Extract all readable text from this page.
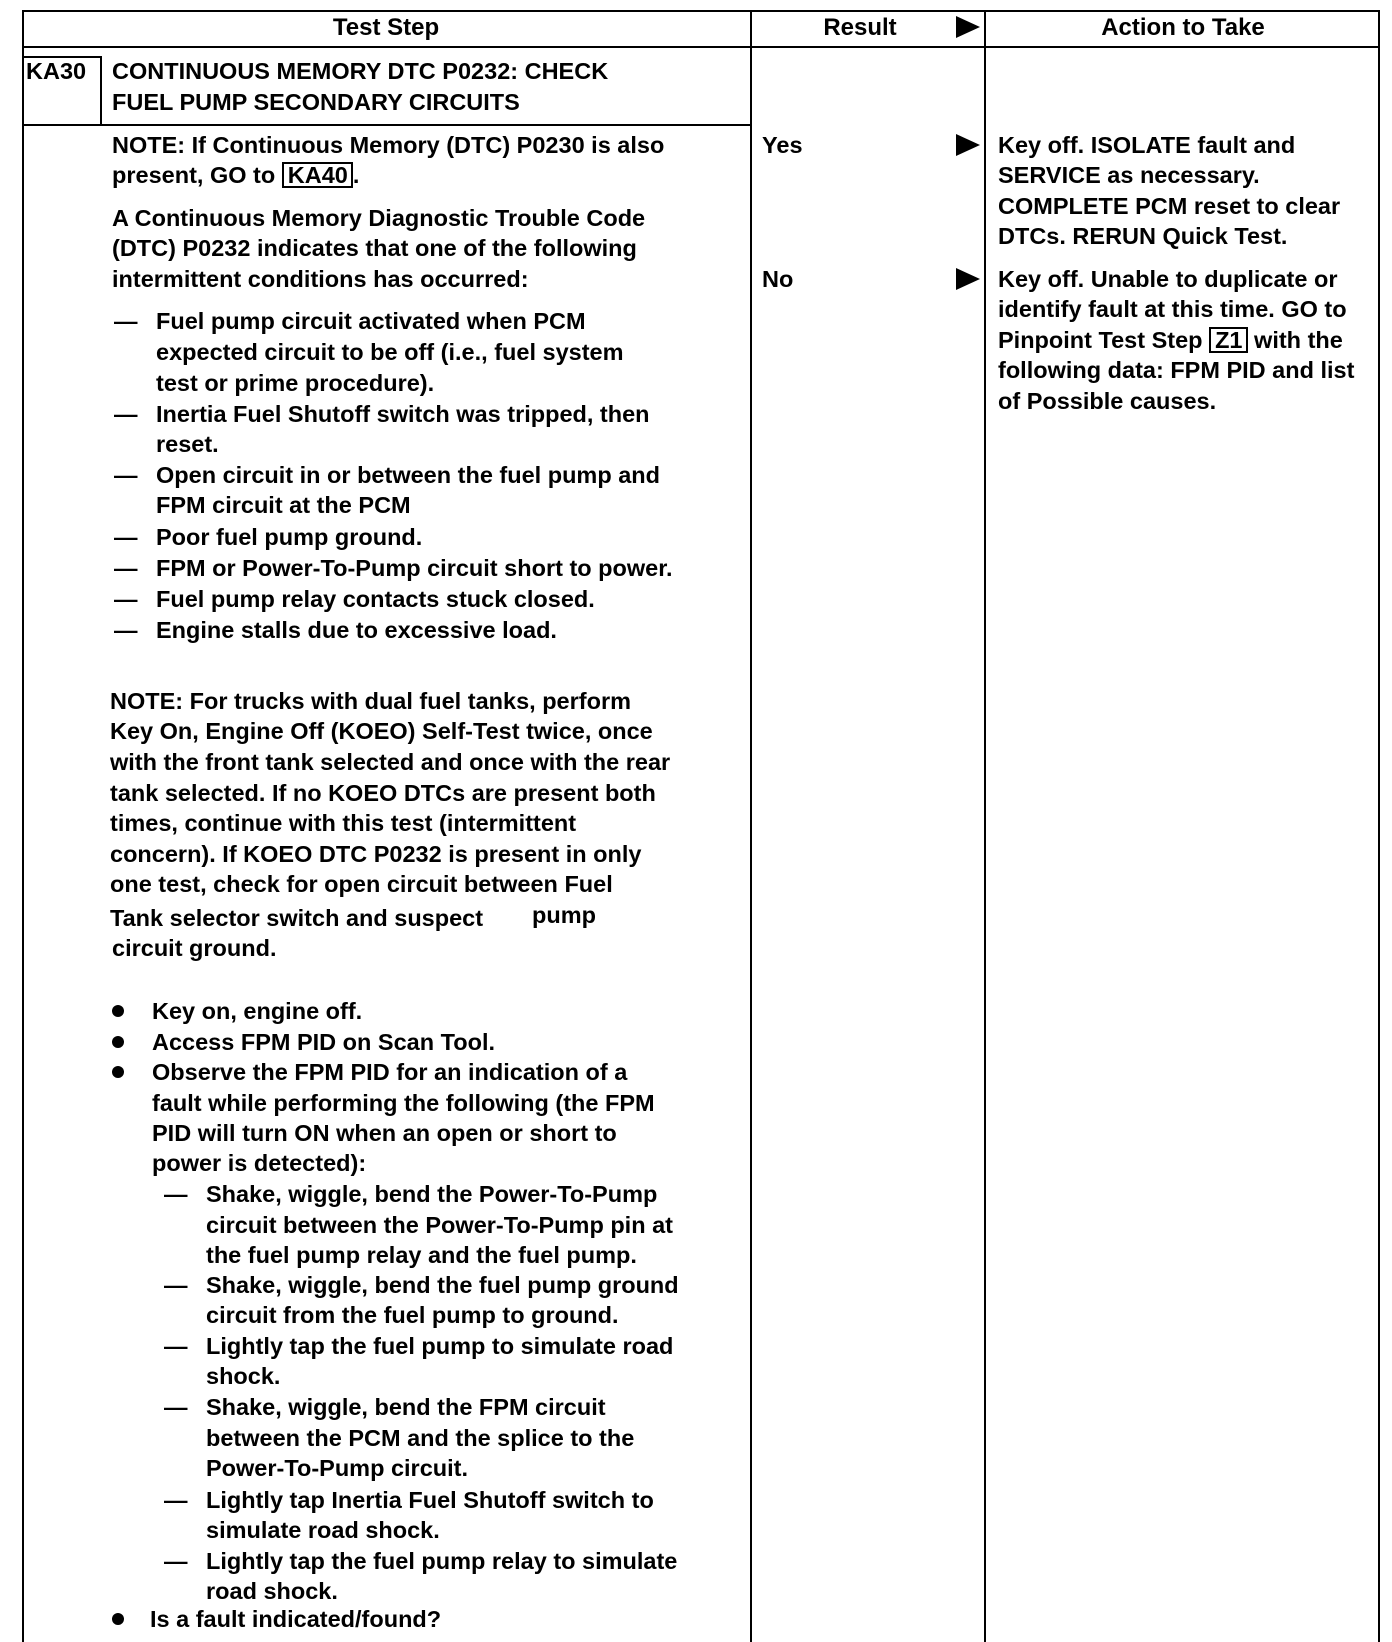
Test Step	Result	Action to Take
KA30 CONTINUOUS MEMORY DTC P0232: CHECK
FUEL PUMP SECONDARY CIRCUITS
NOTE: If Continuous Memory (DTC) P0230 is also
present, GO to KA40 .
A Continuous Memory Diagnostic Trouble Code
(DTC) P0232 indicates that one of the following
intermittent conditions has occurred:
— Fuel pump circuit activated when PCM
expected circuit to be off (i.e., fuel system
test or prime procedure).
— Inertia Fuel Shutoff switch was tripped, then
reset.
— Open circuit in or between the fuel pump and
FPM circuit at the PCM
— Poor fuel pump ground.
— FPM or Power-To-Pump circuit short to power.
— Fuel pump relay contacts stuck closed.
— Engine stalls due to excessive load.
NOTE: For trucks with dual fuel tanks, perform
Key On, Engine Off (KOEO) Self-Test twice, once
with the front tank selected and once with the rear
tank selected. If no KOEO DTCs are present both
times, continue with this test (intermittent
concern). If KOEO DTC P0232 is present in only
one test, check for open circuit between Fuel
Tank selector switch and suspect pump
circuit ground.
Key on, engine off.
Access FPM PID on Scan Tool.
Observe the FPM PID for an indication of a
fault while performing the following (the FPM
PID will turn ON when an open or short to
power is detected):
— Shake, wiggle, bend the Power-To-Pump
circuit between the Power-To-Pump pin at
the fuel pump relay and the fuel pump.
— Shake, wiggle, bend the fuel pump ground
circuit from the fuel pump to ground.
— Lightly tap the fuel pump to simulate road
shock.
— Shake, wiggle, bend the FPM circuit
between the PCM and the splice to the
Power-To-Pump circuit.
— Lightly tap Inertia Fuel Shutoff switch to
simulate road shock.
— Lightly tap the fuel pump relay to simulate
road shock.
Is a fault indicated/found?
Yes
No
Key off. ISOLATE fault and
SERVICE as necessary.
COMPLETE PCM reset to clear
DTCs. RERUN Quick Test.
Key off. Unable to duplicate or
identify fault at this time. GO to
Pinpoint Test Step Z1 with the
following data: FPM PID and list
of Possible causes.
